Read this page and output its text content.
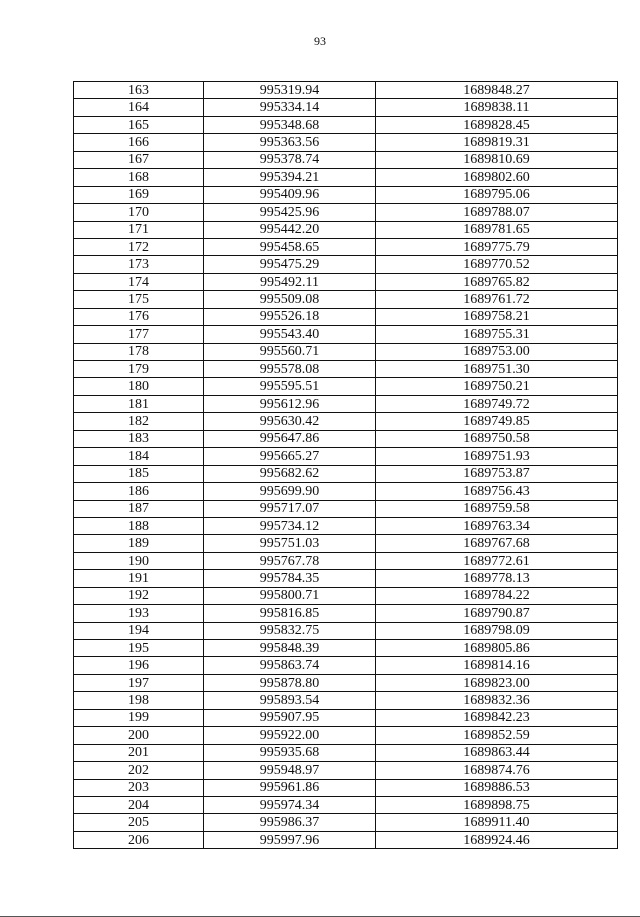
93
163	995319.94	1689848.27
164	995334.14	1689838.11
165	995348.68	1689828.45
166	995363.56	1689819.31
167	995378.74	1689810.69
168	995394.21	1689802.60
169	995409.96	1689795.06
170	995425.96	1689788.07
171	995442.20	1689781.65
172	995458.65	1689775.79
173	995475.29	1689770.52
174	995492.11	1689765.82
175	995509.08	1689761.72
176	995526.18	1689758.21
177	995543.40	1689755.31
178	995560.71	1689753.00
179	995578.08	1689751.30
180	995595.51	1689750.21
181	995612.96	1689749.72
182	995630.42	1689749.85
183	995647.86	1689750.58
184	995665.27	1689751.93
185	995682.62	1689753.87
186	995699.90	1689756.43
187	995717.07	1689759.58
188	995734.12	1689763.34
189	995751.03	1689767.68
190	995767.78	1689772.61
191	995784.35	1689778.13
192	995800.71	1689784.22
193	995816.85	1689790.87
194	995832.75	1689798.09
195	995848.39	1689805.86
196	995863.74	1689814.16
197	995878.80	1689823.00
198	995893.54	1689832.36
199	995907.95	1689842.23
200	995922.00	1689852.59
201	995935.68	1689863.44
202	995948.97	1689874.76
203	995961.86	1689886.53
204	995974.34	1689898.75
205	995986.37	1689911.40
206	995997.96	1689924.46
